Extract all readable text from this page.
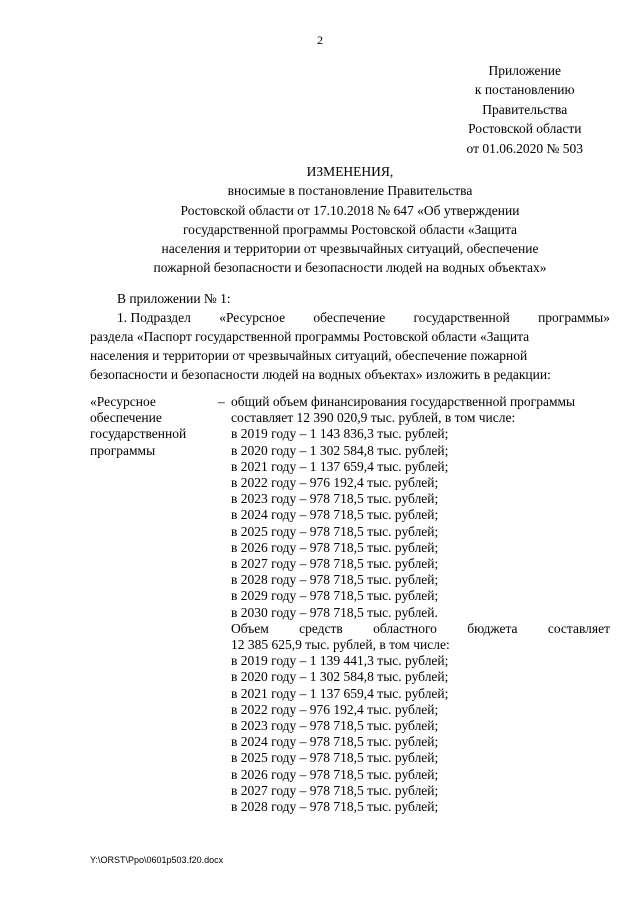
2
Приложение
к постановлению
Правительства
Ростовской области
от 01.06.2020 № 503
ИЗМЕНЕНИЯ,
вносимые в постановление Правительства
Ростовской области от 17.10.2018 № 647 «Об утверждении
государственной программы Ростовской области «Защита
населения и территории от чрезвычайных ситуаций, обеспечение
пожарной безопасности и безопасности людей на водных объектах»
В приложении № 1:
1. Подраздел «Ресурсное обеспечение государственной программы»
раздела «Паспорт государственной программы Ростовской области «Защита
населения и территории от чрезвычайных ситуаций, обеспечение пожарной
безопасности и безопасности людей на водных объектах» изложить в редакции:
«Ресурсное
обеспечение
государственной
программы
– общий объем финансирования государственной программы
составляет 12 390 020,9 тыс. рублей, в том числе:
в 2019 году – 1 143 836,3 тыс. рублей;
в 2020 году – 1 302 584,8 тыс. рублей;
в 2021 году – 1 137 659,4 тыс. рублей;
в 2022 году – 976 192,4 тыс. рублей;
в 2023 году – 978 718,5 тыс. рублей;
в 2024 году – 978 718,5 тыс. рублей;
в 2025 году – 978 718,5 тыс. рублей;
в 2026 году – 978 718,5 тыс. рублей;
в 2027 году – 978 718,5 тыс. рублей;
в 2028 году – 978 718,5 тыс. рублей;
в 2029 году – 978 718,5 тыс. рублей;
в 2030 году – 978 718,5 тыс. рублей.
Объем средств областного бюджета составляет
12 385 625,9 тыс. рублей, в том числе:
в 2019 году – 1 139 441,3 тыс. рублей;
в 2020 году – 1 302 584,8 тыс. рублей;
в 2021 году – 1 137 659,4 тыс. рублей;
в 2022 году – 976 192,4 тыс. рублей;
в 2023 году – 978 718,5 тыс. рублей;
в 2024 году – 978 718,5 тыс. рублей;
в 2025 году – 978 718,5 тыс. рублей;
в 2026 году – 978 718,5 тыс. рублей;
в 2027 году – 978 718,5 тыс. рублей;
в 2028 году – 978 718,5 тыс. рублей;
Y:\ORST\Ppo\0601p503.f20.docx
